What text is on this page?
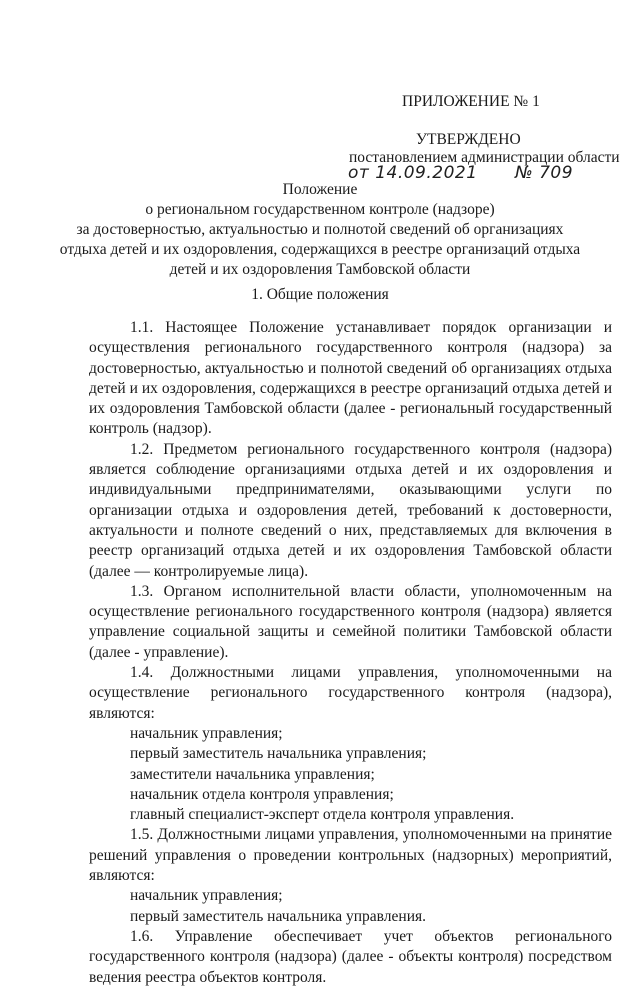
ПРИЛОЖЕНИЕ № 1
УТВЕРЖДЕНО
постановлением администрации области
от 14.09.2021 № 709
Положение
о региональном государственном контроле (надзоре)
за достоверностью, актуальностью и полнотой сведений об организациях
отдыха детей и их оздоровления, содержащихся в реестре организаций отдыха
детей и их оздоровления Тамбовской области
1. Общие положения

1.1. Настоящее Положение устанавливает порядок организации и осуществления регионального государственного контроля (надзора) за достоверностью, актуальностью и полнотой сведений об организациях отдыха детей и их оздоровления, содержащихся в реестре организаций отдыха детей и их оздоровления Тамбовской области (далее - региональный государственный контроль (надзор).

1.2. Предметом регионального государственного контроля (надзора) является соблюдение организациями отдыха детей и их оздоровления и индивидуальными предпринимателями, оказывающими услуги по организации отдыха и оздоровления детей, требований к достоверности, актуальности и полноте сведений о них, представляемых для включения в реестр организаций отдыха детей и их оздоровления Тамбовской области (далее — контролируемые лица).

1.3. Органом исполнительной власти области, уполномоченным на осуществление регионального государственного контроля (надзора) является управление социальной защиты и семейной политики Тамбовской области (далее - управление).

1.4. Должностными лицами управления, уполномоченными на осуществление регионального государственного контроля (надзора), являются:

начальник управления;

первый заместитель начальника управления;

заместители начальника управления;

начальник отдела контроля управления;

главный специалист-эксперт отдела контроля управления.

1.5. Должностными лицами управления, уполномоченными на принятие решений управления о проведении контрольных (надзорных) мероприятий, являются:

начальник управления;

первый заместитель начальника управления.

1.6. Управление обеспечивает учет объектов регионального государственного контроля (надзора) (далее - объекты контроля) посредством ведения реестра объектов контроля.
